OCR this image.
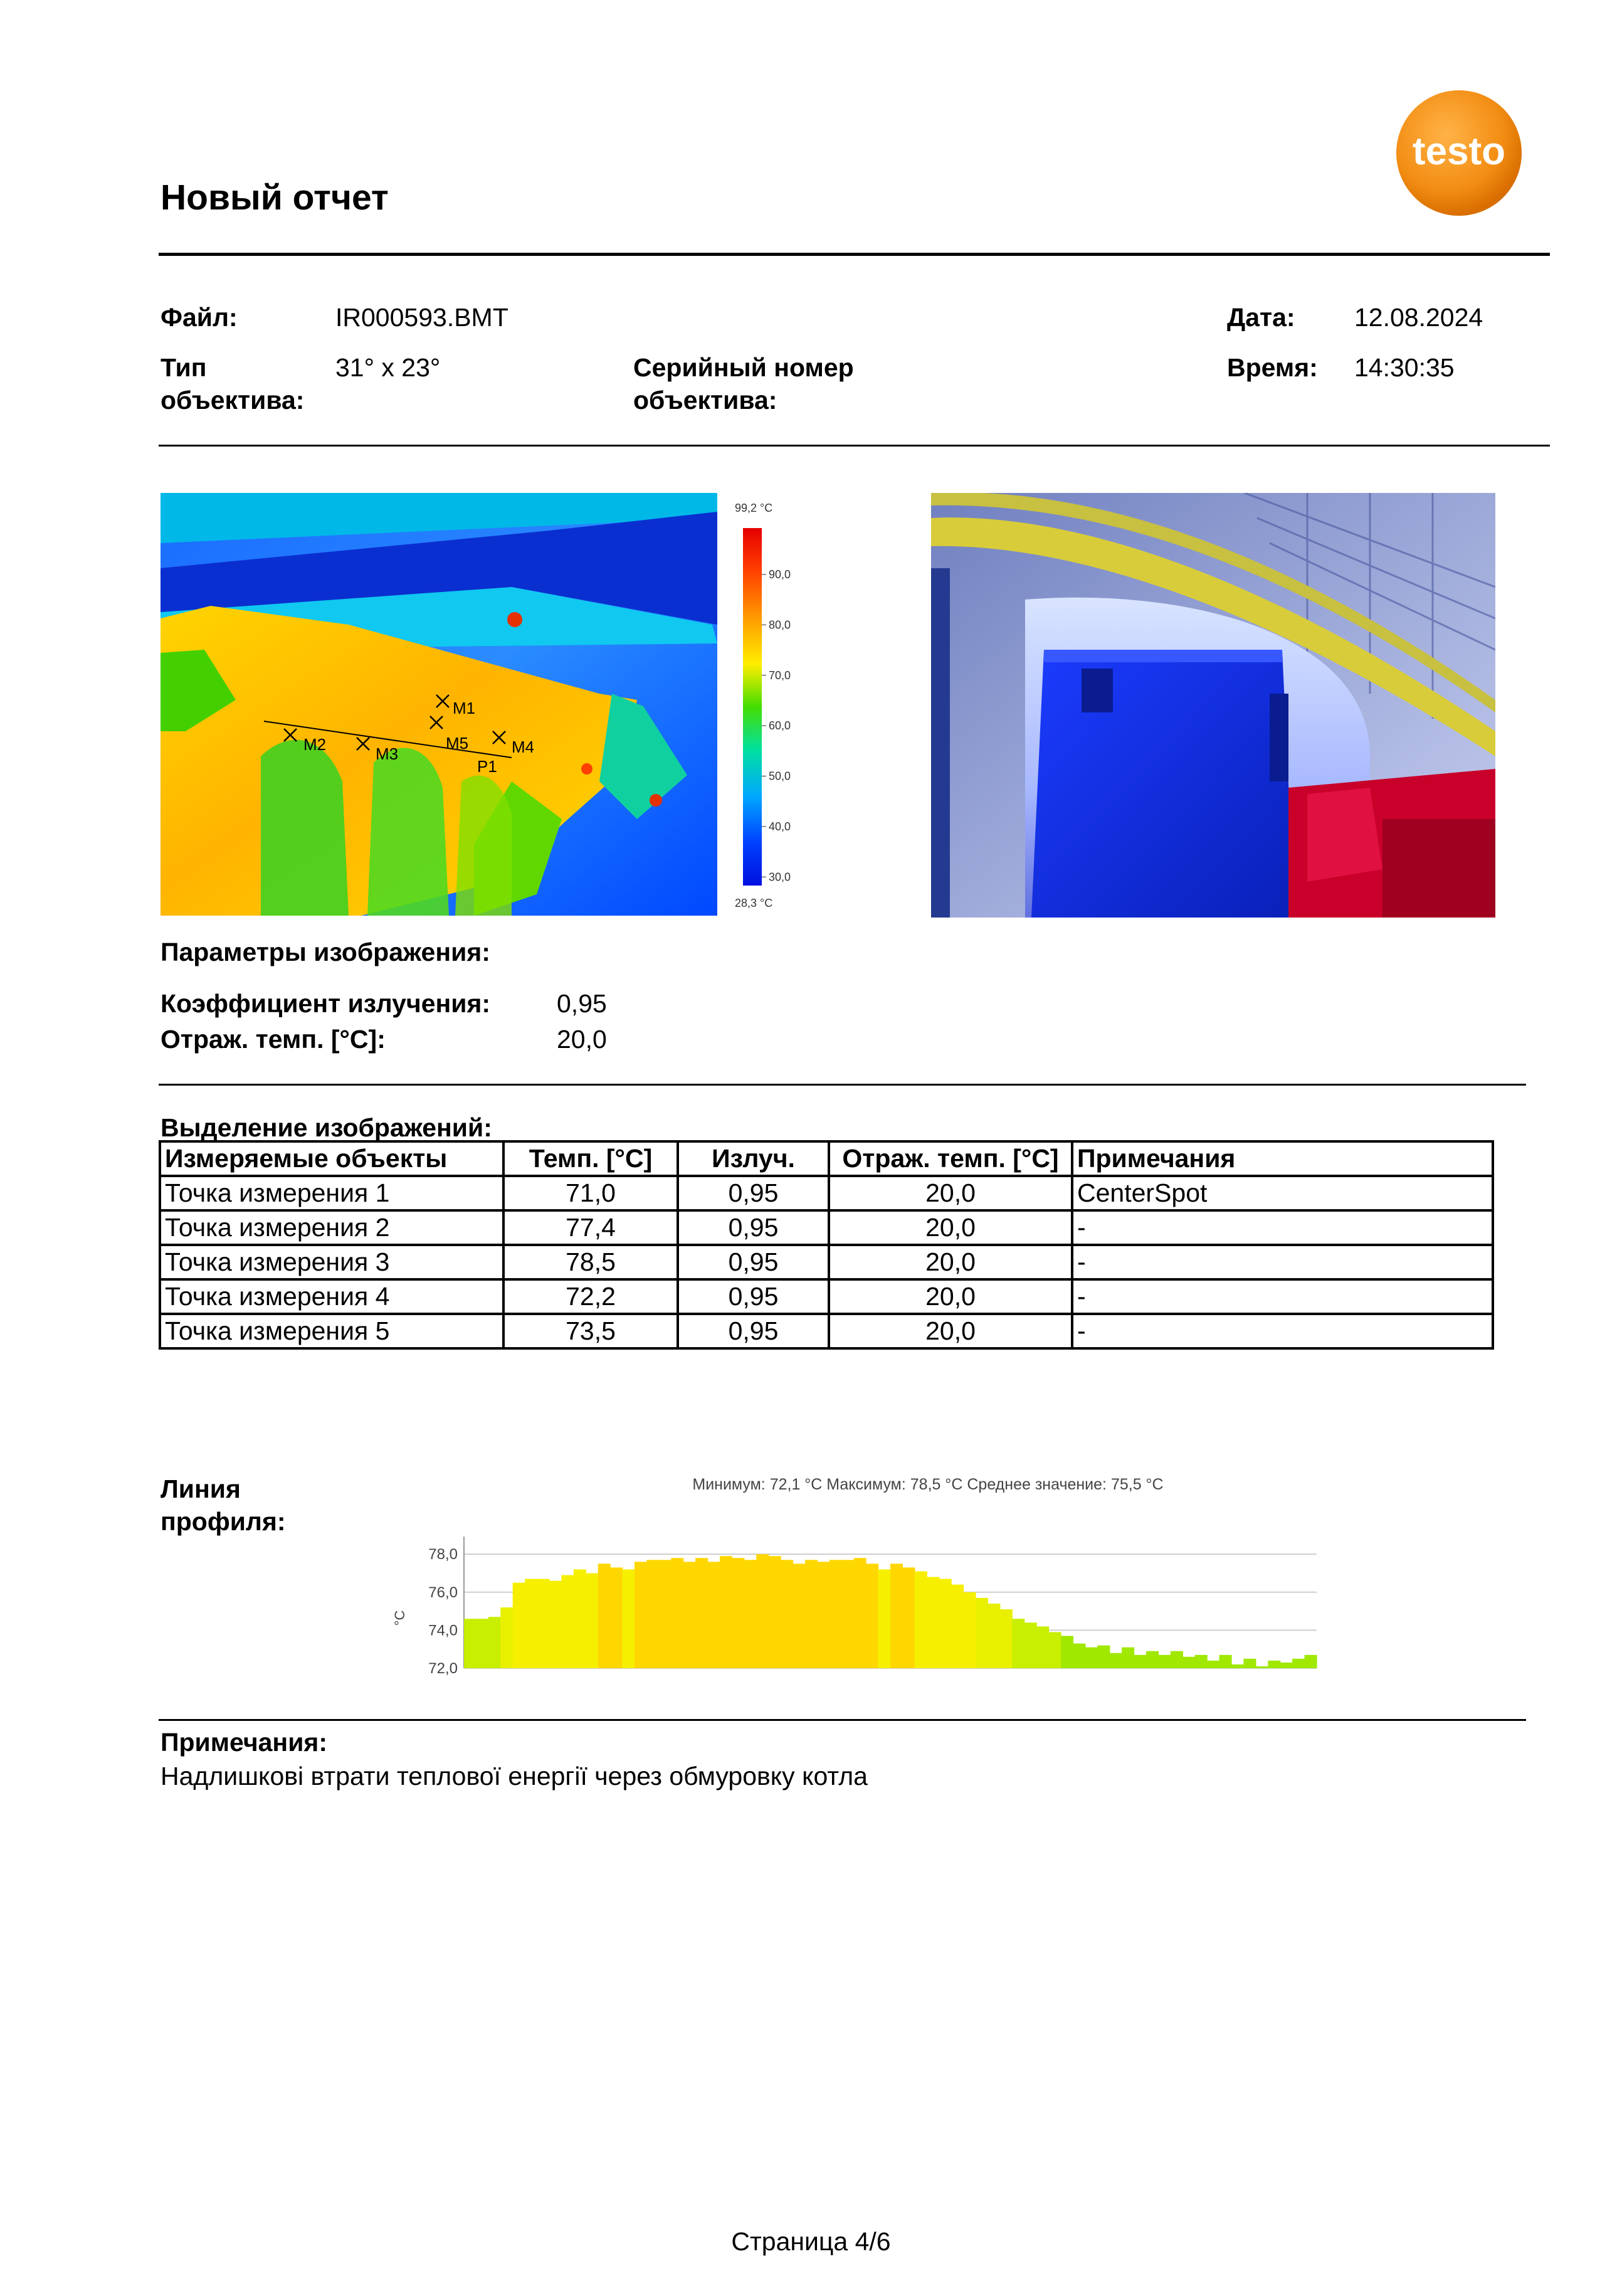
testo
Новый отчет
Файл:	IR000593.BMT	Дата: 12.08.2024
Тип
объектива:
31° x 23°	Серийный номер
объектива:
Время: 14:30:35
M1
M2	M3	M4
M5
P1
99,2 °C
90,0
80,0
70,0
60,0
50,0
40,0
30,0
28,3 °C
Параметры изображения:
Коэффициент излучения:	0,95
Отраж. темп. [°C]:	20,0
Выделение изображений:
Измеряемые объекты	Темп. [°C]	Излуч.	Отраж. темп. [°C]	Примечания
Точка измерения 1	71,0	0,95	20,0	CenterSpot
Точка измерения 2	77,4	0,95	20,0	-
Точка измерения 3	78,5	0,95	20,0	-
Точка измерения 4	72,2	0,95	20,0	-
Точка измерения 5	73,5	0,95	20,0	-
Линия
профиля:
Минимум: 72,1 °C Максимум: 78,5 °C Среднее значение: 75,5 °C
72,0
74,0
76,0
78,0
°C
Примечания:
Надлишкові втрати теплової енергії через обмуровку котла
Страница 4/6
